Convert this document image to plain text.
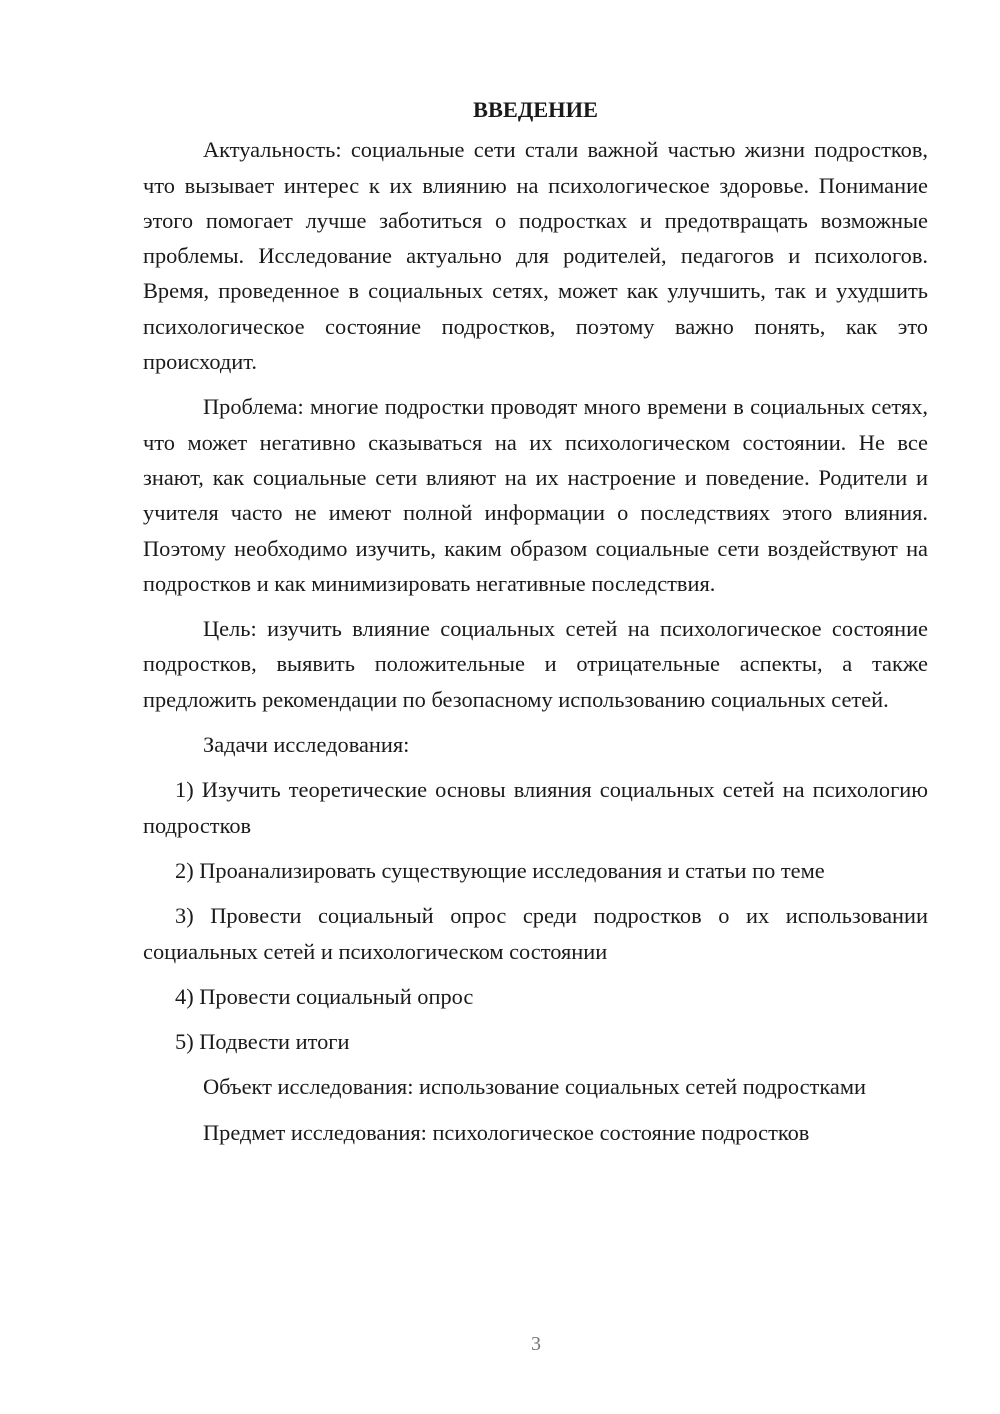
ВВЕДЕНИЕ

Актуальность: социальные сети стали важной частью жизни подростков, что вызывает интерес к их влиянию на психологическое здоровье. Понимание этого помогает лучше заботиться о подростках и предотвращать возможные проблемы. Исследование актуально для родителей, педагогов и психологов. Время, проведенное в социальных сетях, может как улучшить, так и ухудшить психологическое состояние подростков, поэтому важно понять, как это происходит.

Проблема: многие подростки проводят много времени в социальных сетях, что может негативно сказываться на их психологическом состоянии. Не все знают, как социальные сети влияют на их настроение и поведение. Родители и учителя часто не имеют полной информации о последствиях этого влияния. Поэтому необходимо изучить, каким образом социальные сети воздействуют на подростков и как минимизировать негативные последствия.

Цель: изучить влияние социальных сетей на психологическое состояние подростков, выявить положительные и отрицательные аспекты, а также предложить рекомендации по безопасному использованию социальных сетей.

Задачи исследования:

1) Изучить теоретические основы влияния социальных сетей на психологию подростков

2) Проанализировать существующие исследования и статьи по теме

3) Провести социальный опрос среди подростков о их использовании социальных сетей и психологическом состоянии

4) Провести социальный опрос

5) Подвести итоги

Объект исследования: использование социальных сетей подростками

Предмет исследования: психологическое состояние подростков

3
